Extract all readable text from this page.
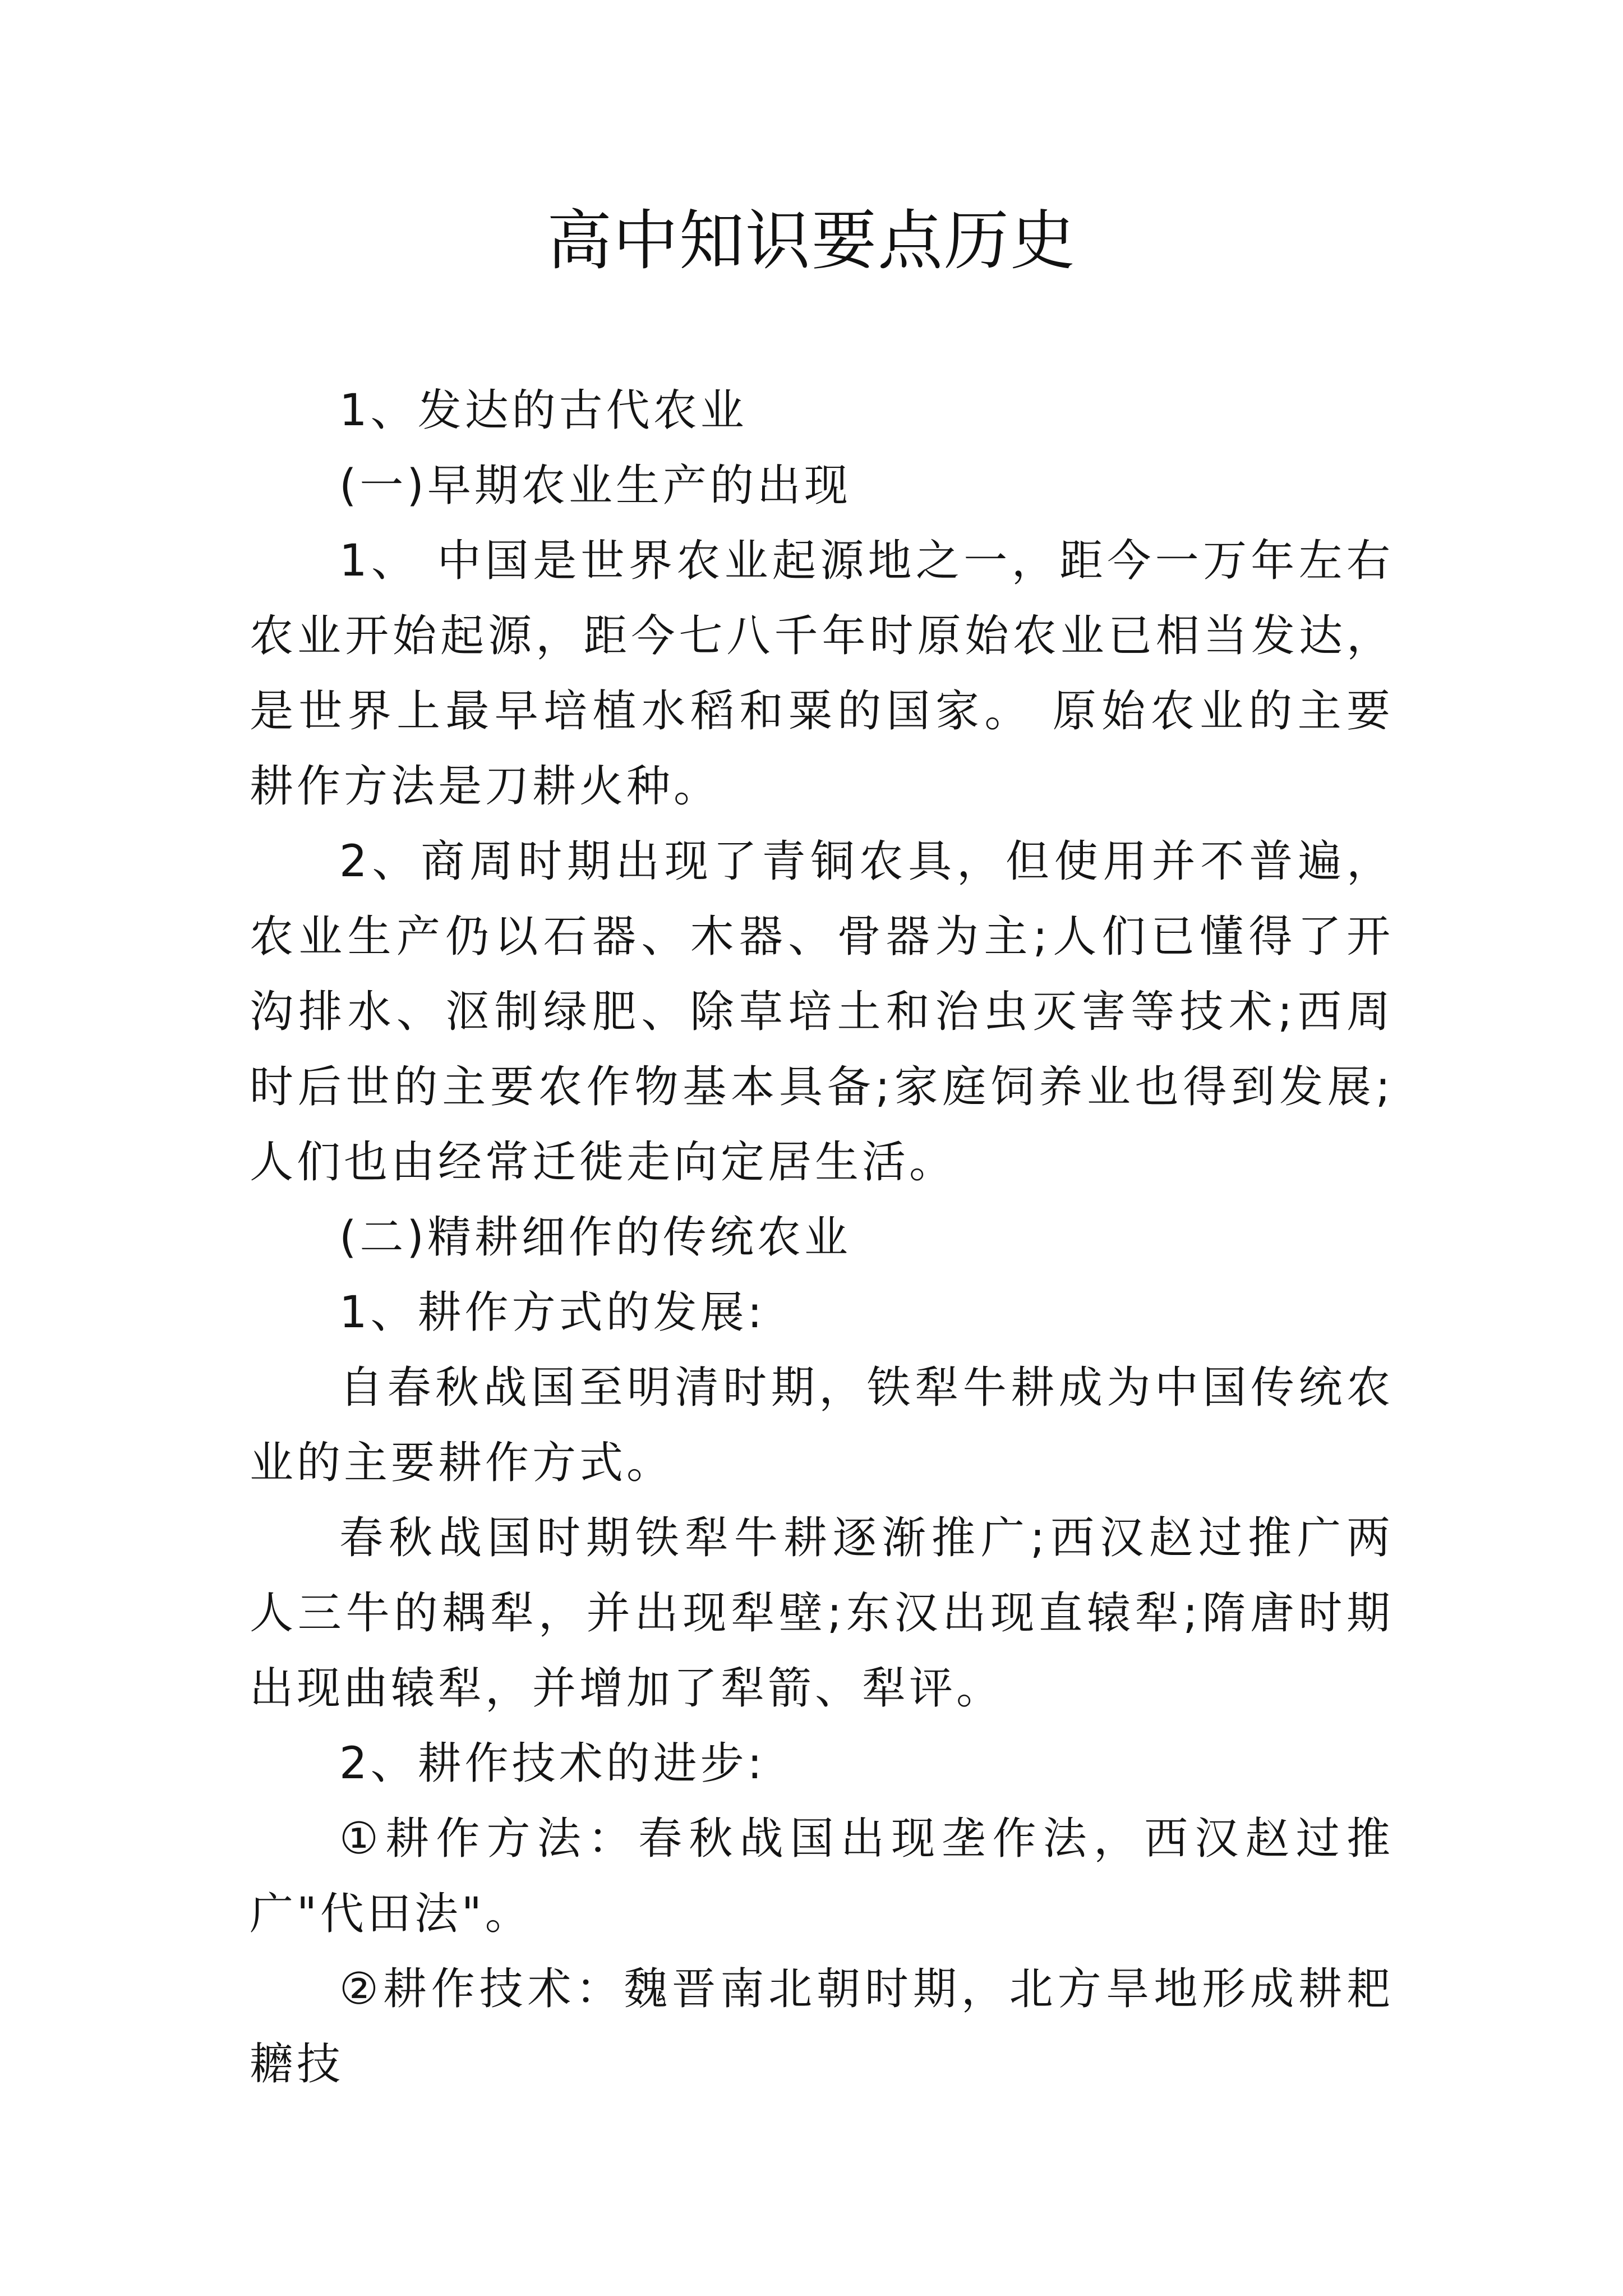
高中知识要点历史

1、发达的古代农业

(一)早期农业生产的出现

1、 中国是世界农业起源地之一，距今一万年左右农业开始起源，距今七八千年时原始农业已相当发达，是世界上最早培植水稻和粟的国家。 原始农业的主要耕作方法是刀耕火种。

2、商周时期出现了青铜农具，但使用并不普遍，农业生产仍以石器、木器、骨器为主;人们已懂得了开沟排水、沤制绿肥、除草培土和治虫灭害等技术;西周时后世的主要农作物基本具备;家庭饲养业也得到发展;人们也由经常迁徙走向定居生活。

(二)精耕细作的传统农业

1、耕作方式的发展:

自春秋战国至明清时期，铁犁牛耕成为中国传统农业的主要耕作方式。

春秋战国时期铁犁牛耕逐渐推广;西汉赵过推广两人三牛的耦犁，并出现犁壁;东汉出现直辕犁;隋唐时期出现曲辕犁，并增加了犁箭、犁评。

2、耕作技术的进步:

①耕作方法：春秋战国出现垄作法，西汉赵过推广"代田法"。

②耕作技术：魏晋南北朝时期，北方旱地形成耕耙耱技
